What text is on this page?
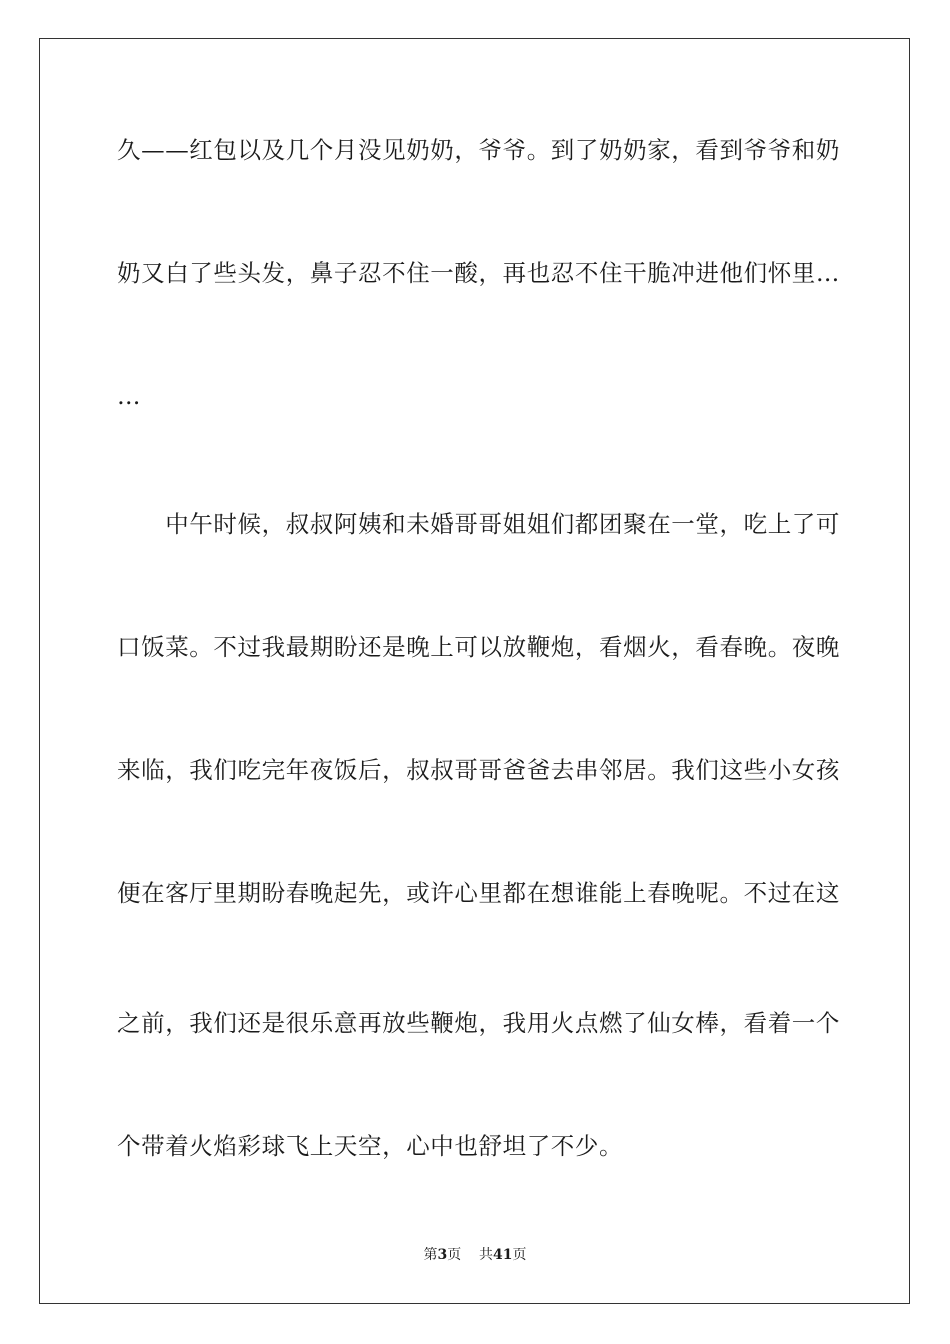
久——红包以及几个月没见奶奶，爷爷。到了奶奶家，看到爷爷和奶
奶又白了些头发，鼻子忍不住一酸，再也忍不住干脆冲进他们怀里…
…
　　中午时候，叔叔阿姨和未婚哥哥姐姐们都团聚在一堂，吃上了可
口饭菜。不过我最期盼还是晚上可以放鞭炮，看烟火，看春晚。夜晚
来临，我们吃完年夜饭后，叔叔哥哥爸爸去串邻居。我们这些小女孩
便在客厅里期盼春晚起先，或许心里都在想谁能上春晚呢。不过在这
之前，我们还是很乐意再放些鞭炮，我用火点燃了仙女棒，看着一个
个带着火焰彩球飞上天空，心中也舒坦了不少。
第3页 共41页
